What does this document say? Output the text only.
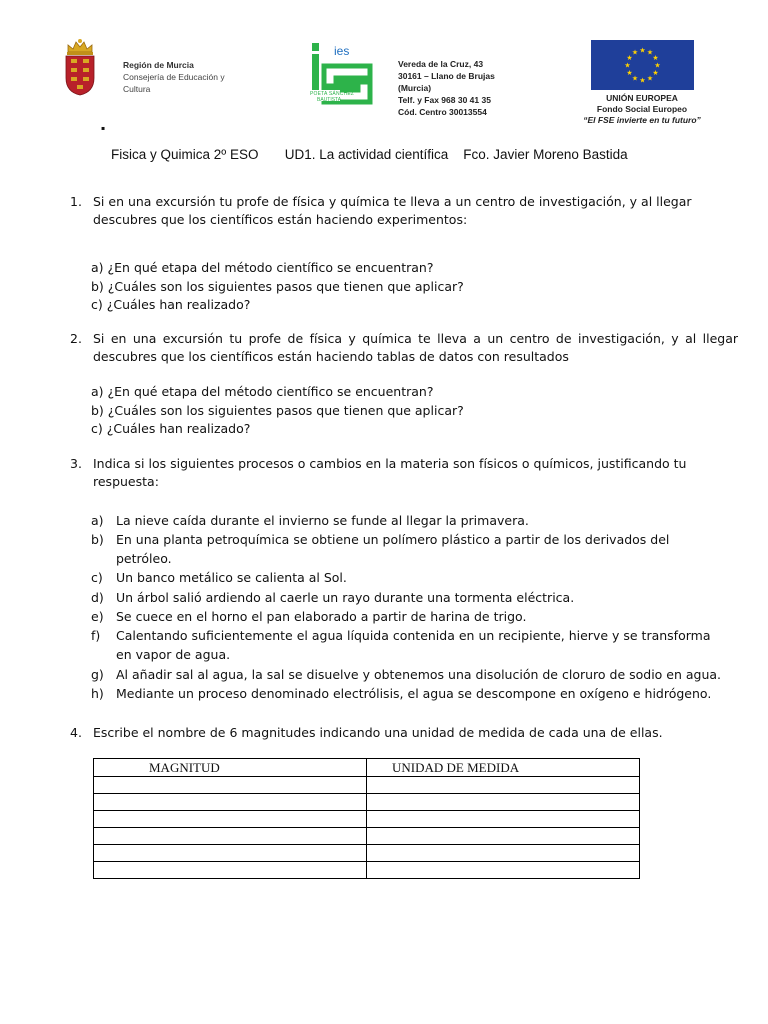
Región de Murcia
Consejería de Educación y
Cultura
ies
POETA SÁNCHEZ
BAUTISTA
Vereda de la Cruz, 43
30161 – Llano de Brujas
(Murcia)
Telf. y Fax 968 30 41 35
Cód. Centro 30013554
★ ★
★
★
★
★
★
★
★
★
★
★
UNIÓN EUROPEA
Fondo Social Europeo
“El FSE invierte en tu futuro”
▪
Fisica y Quimica 2º ESO       UD1. La actividad científica    Fco. Javier Moreno Bastida
1. Si en una excursión tu profe de física y química te lleva a un centro de investigación, y al llegar
descubres que los científicos están haciendo experimentos:
a) ¿En qué etapa del método científico se encuentran?
b) ¿Cuáles son los siguientes pasos que tienen que aplicar?
c) ¿Cuáles han realizado?
2. Si en una excursión tu profe de física y química te lleva a un centro de investigación, y al llegar
descubres que los científicos están haciendo tablas de datos con resultados
a) ¿En qué etapa del método científico se encuentran?
b) ¿Cuáles son los siguientes pasos que tienen que aplicar?
c) ¿Cuáles han realizado?
3. Indica si los siguientes procesos o cambios en la materia son físicos o químicos, justificando tu
respuesta:
a) La nieve caída durante el invierno se funde al llegar la primavera.
b) En una planta petroquímica se obtiene un polímero plástico a partir de los derivados del
petróleo.
c) Un banco metálico se calienta al Sol.
d) Un árbol salió ardiendo al caerle un rayo durante una tormenta eléctrica.
e) Se cuece en el horno el pan elaborado a partir de harina de trigo.
f) Calentando suficientemente el agua líquida contenida en un recipiente, hierve y se transforma
en vapor de agua.
g) Al añadir sal al agua, la sal se disuelve y obtenemos una disolución de cloruro de sodio en agua.
h) Mediante un proceso denominado electrólisis, el agua se descompone en oxígeno e hidrógeno.
4. Escribe el nombre de 6 magnitudes indicando una unidad de medida de cada una de ellas.
MAGNITUD	UNIDAD DE MEDIDA
